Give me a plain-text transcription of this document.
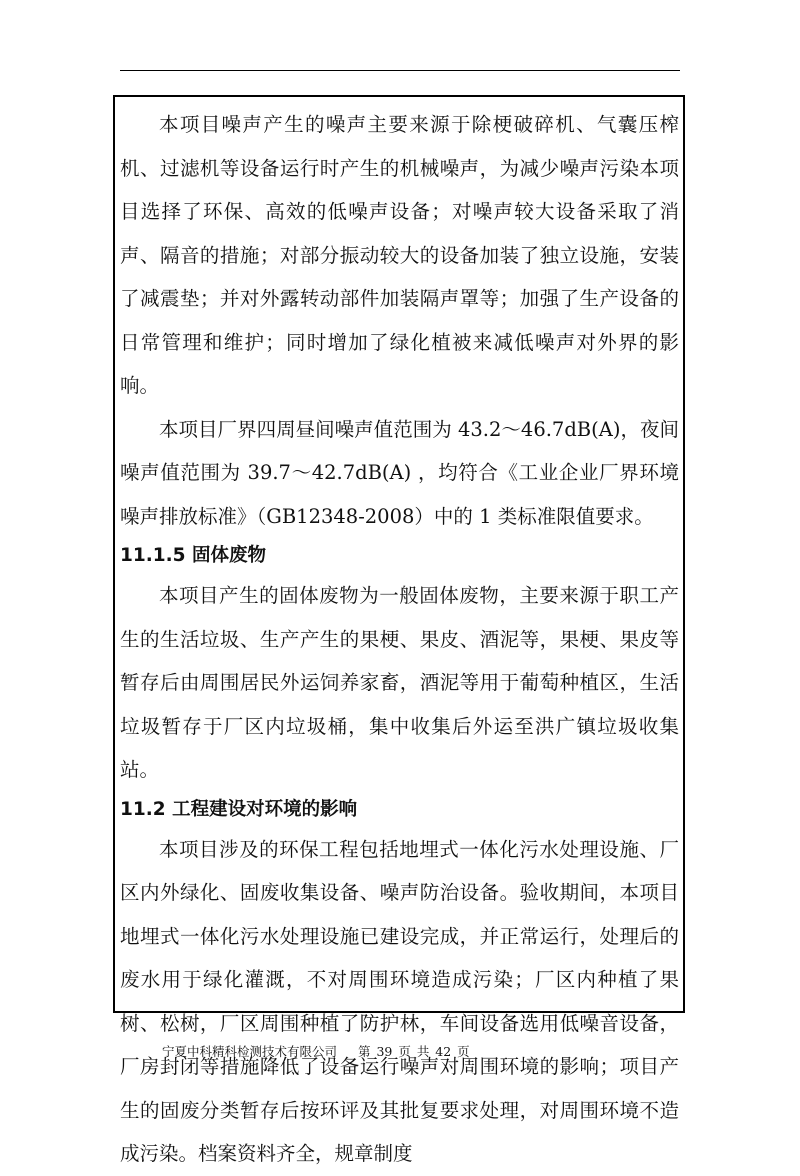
本项目噪声产生的噪声主要来源于除梗破碎机、气囊压榨机、过滤机等设备运行时产生的机械噪声，为减少噪声污染本项目选择了环保、高效的低噪声设备；对噪声较大设备采取了消声、隔音的措施；对部分振动较大的设备加装了独立设施，安装了减震垫；并对外露转动部件加装隔声罩等；加强了生产设备的日常管理和维护；同时增加了绿化植被来减低噪声对外界的影响。

本项目厂界四周昼间噪声值范围为 43.2～46.7dB(A)，夜间噪声值范围为 39.7～42.7dB(A) ，均符合《工业企业厂界环境噪声排放标准》（GB12348-2008）中的 1 类标准限值要求。

11.1.5 固体废物

本项目产生的固体废物为一般固体废物，主要来源于职工产生的生活垃圾、生产产生的果梗、果皮、酒泥等，果梗、果皮等暂存后由周围居民外运饲养家畜，酒泥等用于葡萄种植区，生活垃圾暂存于厂区内垃圾桶，集中收集后外运至洪广镇垃圾收集站。

11.2 工程建设对环境的影响

本项目涉及的环保工程包括地埋式一体化污水处理设施、厂区内外绿化、固废收集设备、噪声防治设备。验收期间，本项目地埋式一体化污水处理设施已建设完成，并正常运行，处理后的废水用于绿化灌溉，不对周围环境造成污染；厂区内种植了果树、松树，厂区周围种植了防护林，车间设备选用低噪音设备，厂房封闭等措施降低了设备运行噪声对周围环境的影响；项目产生的固废分类暂存后按环评及其批复要求处理，对周围环境不造成污染。档案资料齐全，规章制度

宁夏中科精科检测技术有限公司 第 39 页 共 42 页
